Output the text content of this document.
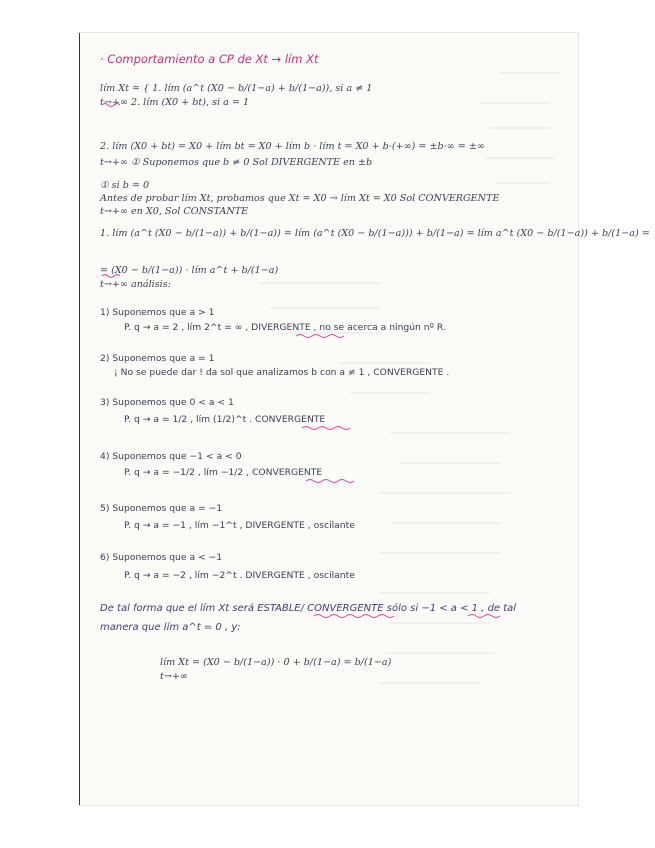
· Comportamiento a CP de Xt → lím Xt
lím Xt = { 1. lím (a^t (X0 − b/(1−a) + b/(1−a)), si a ≠ 1
t→+∞ 2. lím (X0 + bt), si a = 1
2. lím (X0 + bt) = X0 + lím bt = X0 + lím b · lím t = X0 + b·(+∞) = ±b·∞ = ±∞
t→+∞ ① Suponemos que b ≠ 0 Sol DIVERGENTE en ±b
① si b = 0
Antes de probar lím Xt, probamos que Xt = X0 → lím Xt = X0 Sol CONVERGENTE
t→+∞ en X0, Sol CONSTANTE
1. lím (a^t (X0 − b/(1−a)) + b/(1−a)) = lím (a^t (X0 − b/(1−a))) + b/(1−a) = lím a^t (X0 − b/(1−a)) + b/(1−a) =
= (X0 − b/(1−a)) · lím a^t + b/(1−a)
t→+∞ análisis:
1) Suponemos que a > 1
P. q → a = 2 , lím 2^t = ∞ , DIVERGENTE , no se acerca a ningún nº R.
2) Suponemos que a = 1
¡ No se puede dar ! da sol que analizamos b con a ≠ 1 , CONVERGENTE .
3) Suponemos que 0 < a < 1
P. q → a = 1/2 , lím (1/2)^t . CONVERGENTE
4) Suponemos que −1 < a < 0
P. q → a = −1/2 , lím −1/2 , CONVERGENTE
5) Suponemos que a = −1
P. q → a = −1 , lím −1^t , DIVERGENTE , oscilante
6) Suponemos que a < −1
P. q → a = −2 , lím −2^t . DIVERGENTE , oscilante
De tal forma que el lím Xt será ESTABLE/ CONVERGENTE sólo si −1 < a < 1 , de tal
manera que lím a^t = 0 , y:
lím Xt = (X0 − b/(1−a)) · 0 + b/(1−a) = b/(1−a)
t→+∞
